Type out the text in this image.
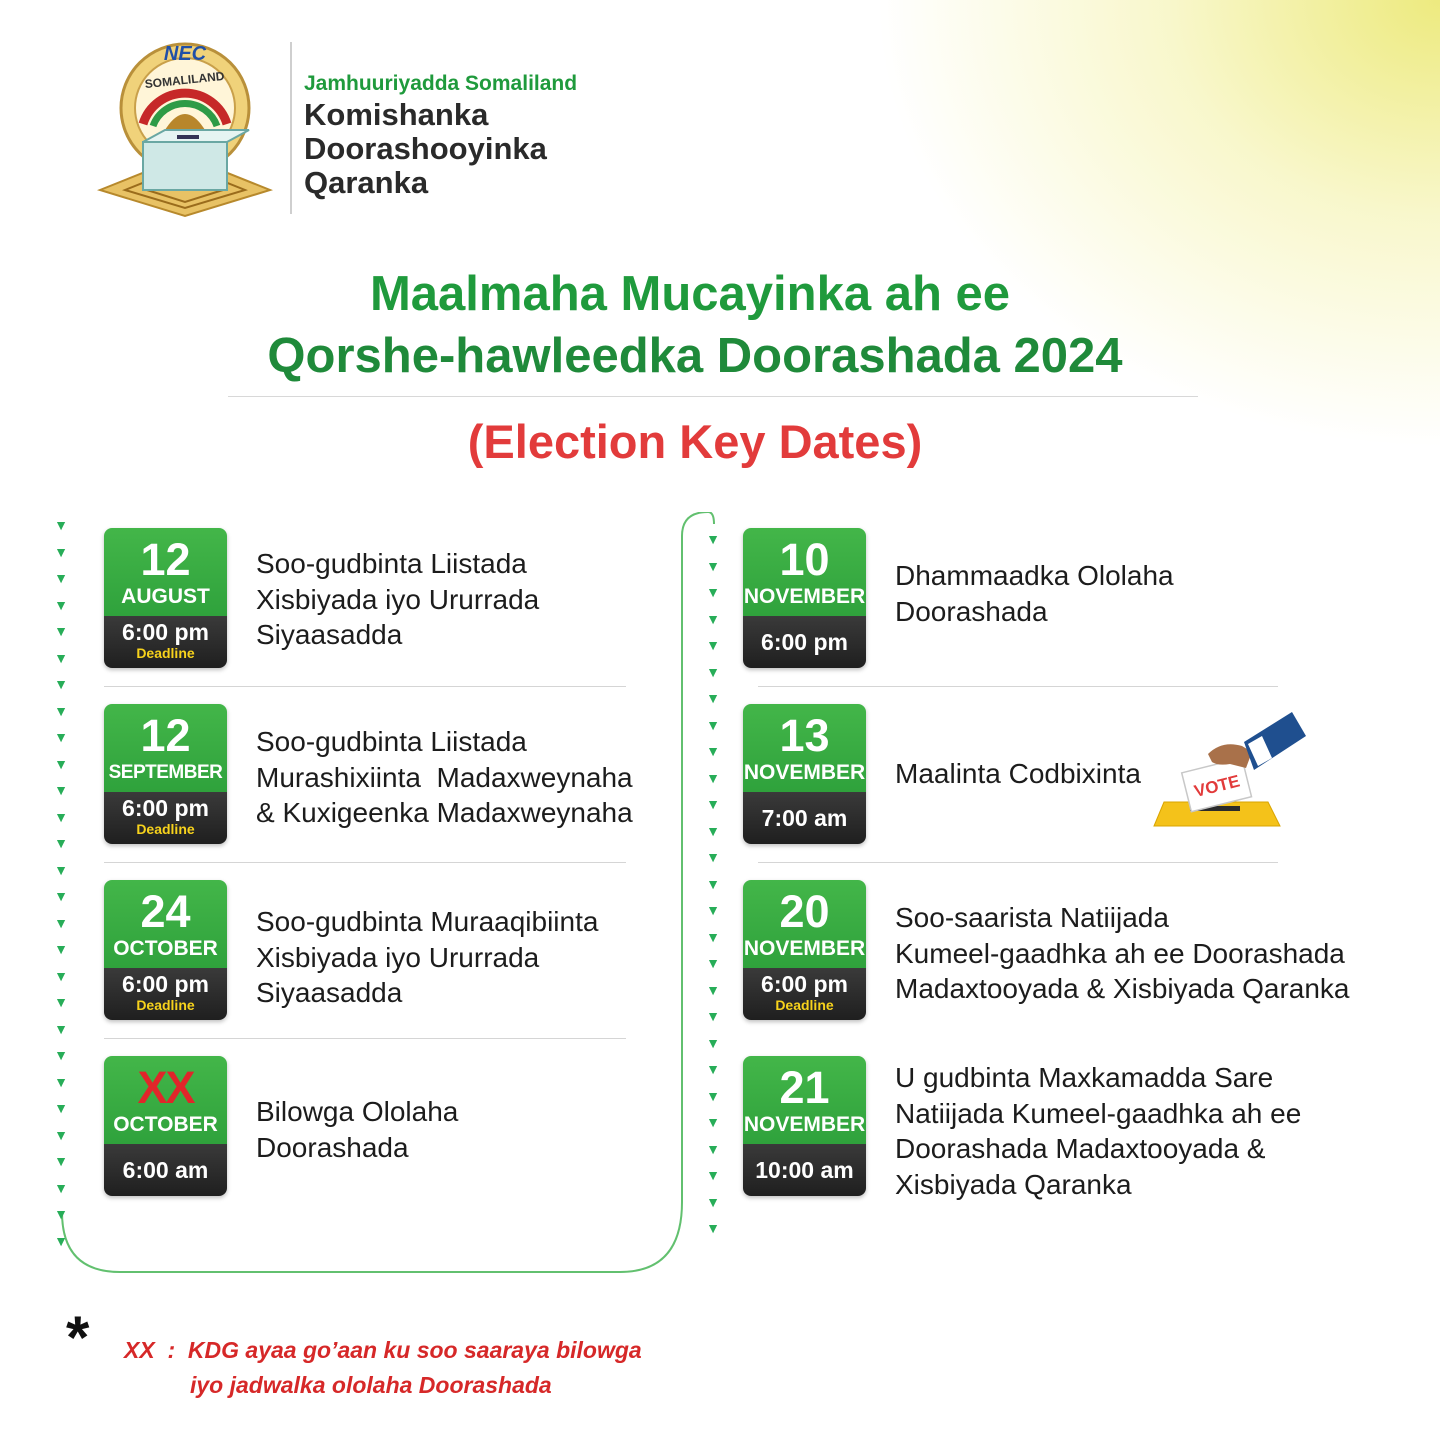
NEC
SOMALILAND	Jamhuuriyadda Somaliland
Komishanka
Doorashooyinka
Qaranka
Maalmaha Mucayinka ah ee
Qorshe-hawleedka Doorashada 2024
(Election Key Dates)
▼
▼
▼
▼
▼
▼
▼
▼
▼
▼
▼
▼
▼
▼
▼
▼
▼
▼
▼
▼
▼
▼
▼
▼
▼
▼
▼
▼
▼
▼
▼
▼
▼
▼
▼
▼
▼
▼
▼
▼
▼
▼
▼
▼
▼
▼
▼
▼
▼
▼
▼
▼
▼
▼
▼
12
AUGUST
6:00 pm
Deadline
Soo-gudbinta Liistada
Xisbiyada iyo Ururrada
Siyaasadda
12
SEPTEMBER
6:00 pm
Deadline
Soo-gudbinta Liistada
Murashixiinta  Madaxweynaha
& Kuxigeenka Madaxweynaha
24
OCTOBER
6:00 pm
Deadline
Soo-gudbinta Muraaqibiinta
Xisbiyada iyo Ururrada
Siyaasadda
XX
OCTOBER
6:00 am
Bilowga Ololaha
Doorashada
10
NOVEMBER
6:00 pm
Dhammaadka Ololaha
Doorashada
13
NOVEMBER
7:00 am
Maalinta Codbixinta	VOTE
20
NOVEMBER
6:00 pm
Deadline
Soo-saarista Natiijada
Kumeel-gaadhka ah ee Doorashada
Madaxtooyada & Xisbiyada Qaranka
21
NOVEMBER
10:00 am
U gudbinta Maxkamadda Sare
Natiijada Kumeel-gaadhka ah ee
Doorashada Madaxtooyada &
Xisbiyada Qaranka
* XX  :  KDG ayaa go’aan ku soo saaraya bilowga
iyo jadwalka ololaha Doorashada
